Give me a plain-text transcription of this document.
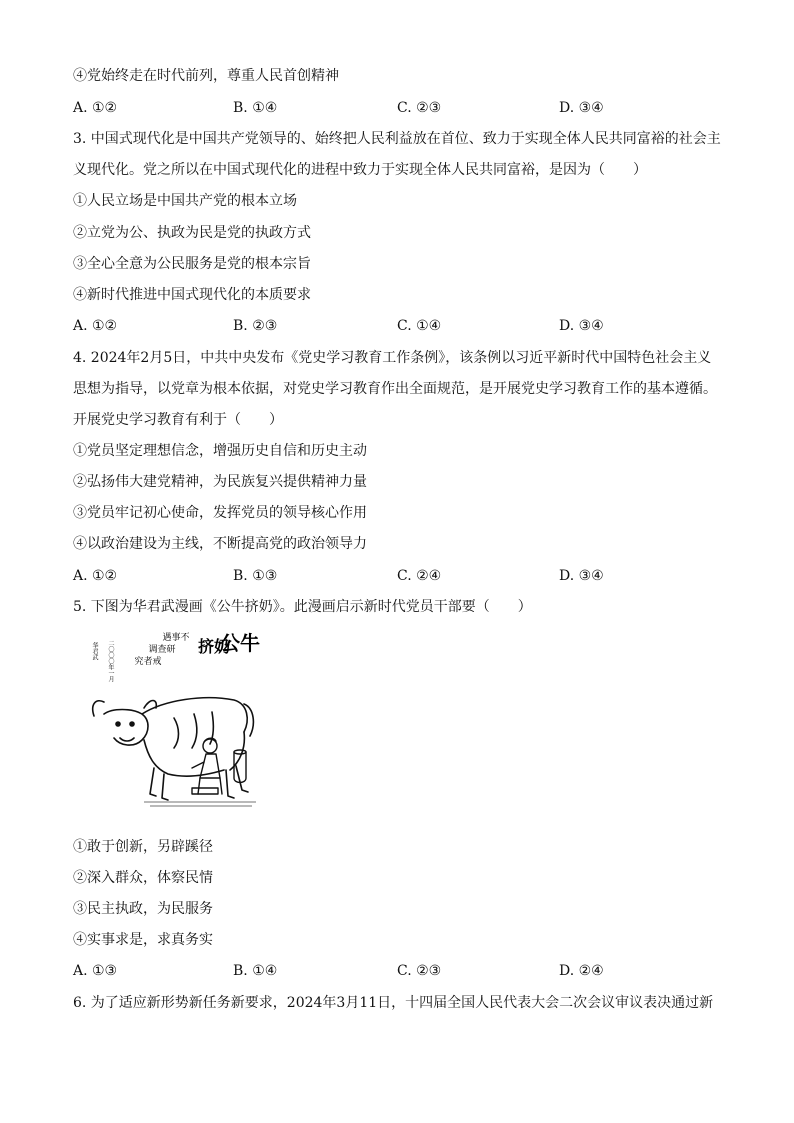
④党始终走在时代前列，尊重人民首创精神
A. ①②	B. ①④	C. ②③	D. ③④
3. 中国式现代化是中国共产党领导的、始终把人民利益放在首位、致力于实现全体人民共同富裕的社会主
义现代化。党之所以在中国式现代化的进程中致力于实现全体人民共同富裕，是因为（　　）
①人民立场是中国共产党的根本立场
②立党为公、执政为民是党的执政方式
③全心全意为公民服务是党的根本宗旨
④新时代推进中国式现代化的本质要求
A. ①②	B. ②③	C. ①④	D. ③④
4. 2024年2月5日，中共中央发布《党史学习教育工作条例》，该条例以习近平新时代中国特色社会主义
思想为指导，以党章为根本依据，对党史学习教育作出全面规范，是开展党史学习教育工作的基本遵循。
开展党史学习教育有利于（　　）
①党员坚定理想信念，增强历史自信和历史主动
②弘扬伟大建党精神，为民族复兴提供精神力量
③党员牢记初心使命，发挥党员的领导核心作用
④以政治建设为主线，不断提高党的政治领导力
A. ①②	B. ①③	C. ②④	D. ③④
5. 下图为华君武漫画《公牛挤奶》。此漫画启示新时代党员干部要（　　）
公牛
挤奶
遇事不
调查研
究者戒
二〇〇〇年一月
华君武
①敢于创新，另辟蹊径
②深入群众，体察民情
③民主执政，为民服务
④实事求是，求真务实
A. ①③	B. ①④	C. ②③	D. ②④
6. 为了适应新形势新任务新要求，2024年3月11日，十四届全国人民代表大会二次会议审议表决通过新
